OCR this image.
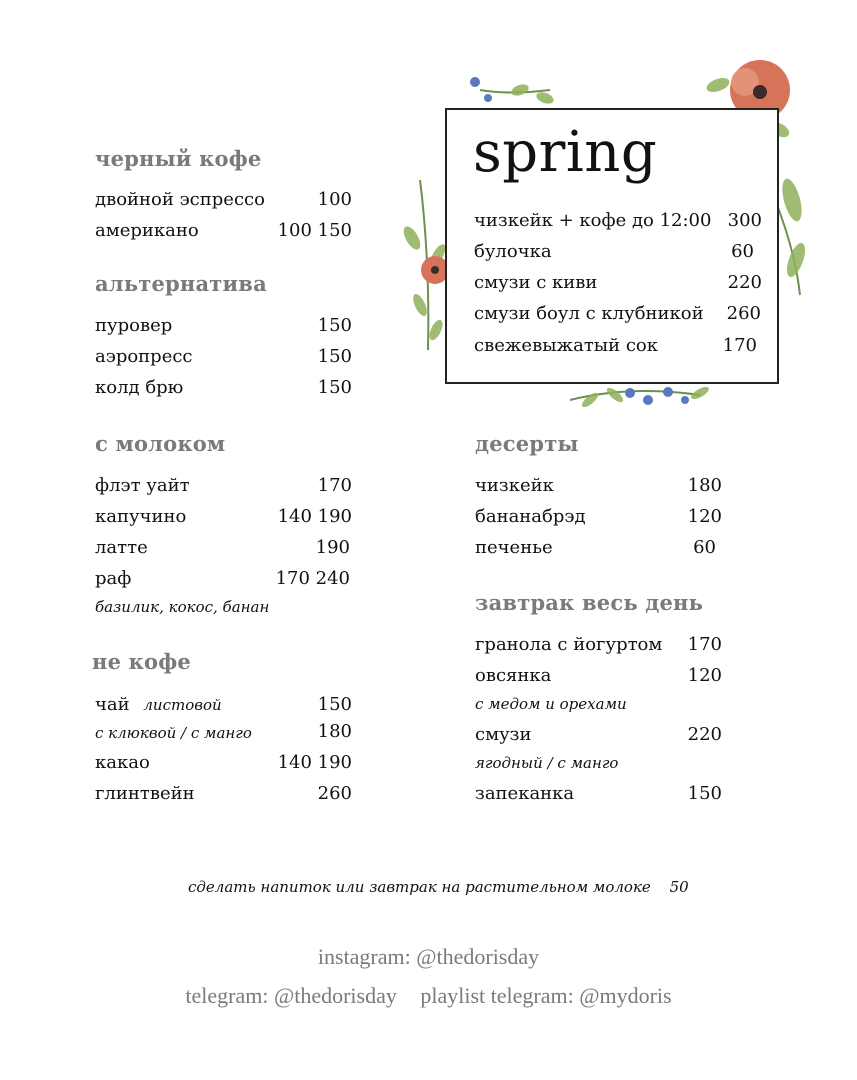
черный кофе
двойной эспрессо	100
американо	100 150
альтернатива
пуровер	150
аэропресс	150
колд брю	150
с молоком
флэт уайт	170
капучино	140 190
латте	190
раф	170 240
базилик, кокос, банан
не кофе
чай листовой	150
с клюквой / с манго	180
какао	140 190
глинтвейн	260
spring
чизкейк + кофе до 12:00 300
булочка	60
смузи с киви	220
смузи боул с клубникой	260
свежевыжатый сок	170
десерты
чизкейк	180
бананабрэд	120
печенье	60
завтрак весь день
гранола с йогуртом	170
овсянка	120
с медом и орехами
смузи	220
ягодный / с манго
запеканка	150
сделать напиток или завтрак на растительном молоке 50
instagram: @thedorisday
telegram: @thedorisday playlist telegram: @mydoris
